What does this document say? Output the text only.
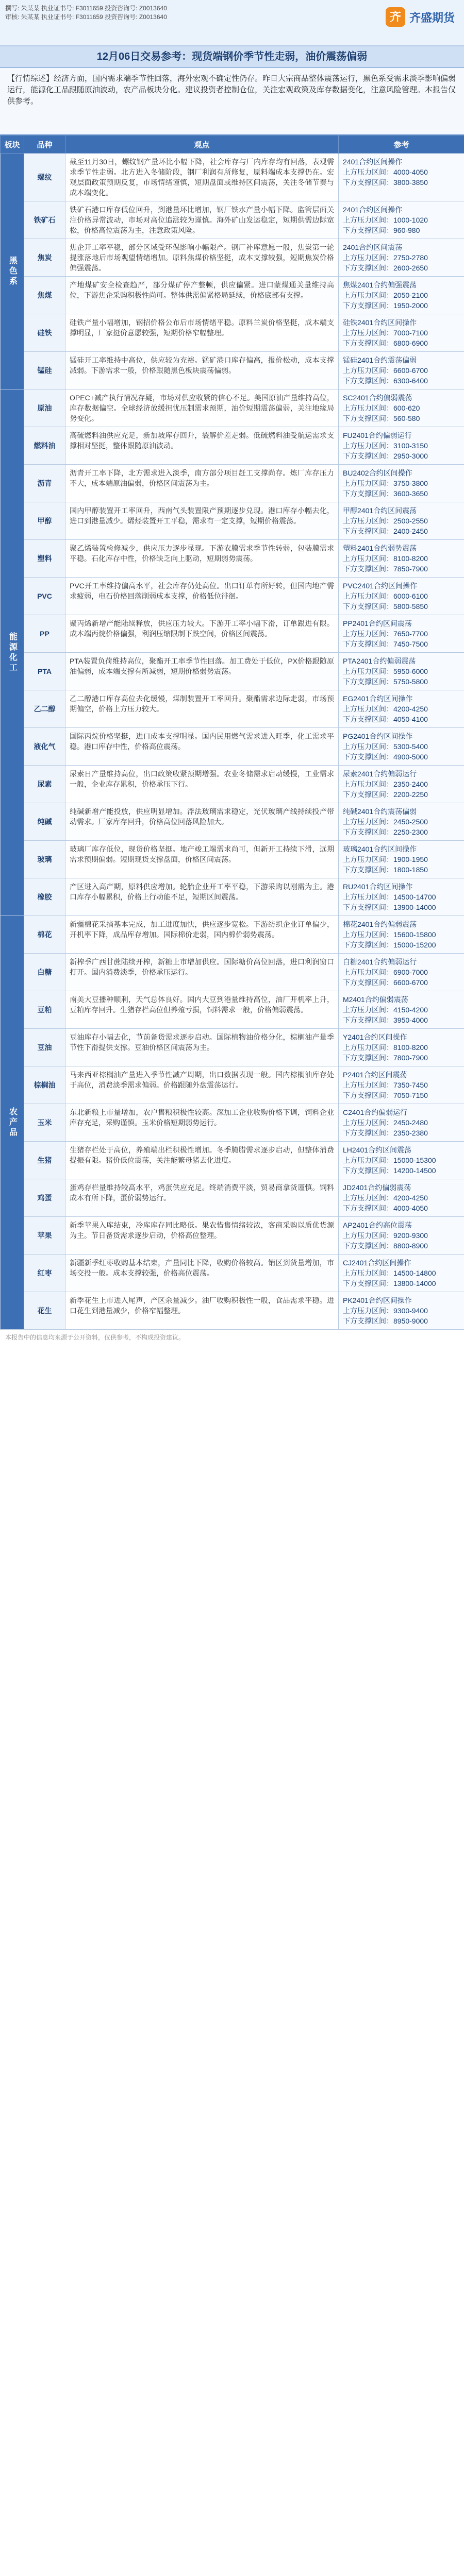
撰写: 朱某某 执业证书号: F3011659 投资咨询号: Z0013640
审核: 朱某某 执业证书号: F3011659 投资咨询号: Z0013640	齐 齐盛期货
12月06日交易参考：现货端钢价季节性走弱，油价震荡偏弱
【行情综述】经济方面，国内需求端季节性回落，海外宏观不确定性仍存。昨日大宗商品整体震荡运行，黑色系受需求淡季影响偏弱运行，能源化工品跟随原油波动，农产品板块分化。建议投资者控制仓位，关注宏观政策及库存数据变化，注意风险管理。本报告仅供参考。
板块	品种	观点	参考
黑色系	螺纹	截至11月30日，螺纹钢产量环比小幅下降，社会库存与厂内库存均有回落，表观需求季节性走弱。北方进入冬储阶段，钢厂利润有所修复，原料端成本支撑仍在。宏观层面政策预期反复，市场情绪谨慎，短期盘面或维持区间震荡，关注冬储节奏与成本端变化。	2401合约区间操作
上方压力区间：4000-4050
下方支撑区间：3800-3850

	铁矿石	铁矿石港口库存低位回升，到港量环比增加，钢厂铁水产量小幅下降。监管层面关注价格异常波动，市场对高位追涨较为谨慎。海外矿山发运稳定，短期供需边际宽松，价格高位震荡为主，注意政策风险。	2401合约区间操作
上方压力区间：1000-1020
下方支撑区间：960-980

	焦炭	焦企开工率平稳，部分区域受环保影响小幅限产。钢厂补库意愿一般，焦炭第一轮提涨落地后市场观望情绪增加。原料焦煤价格坚挺，成本支撑较强，短期焦炭价格偏强震荡。	2401合约区间震荡
上方压力区间：2750-2780
下方支撑区间：2600-2650

	焦煤	产地煤矿安全检查趋严，部分煤矿停产整顿，供应偏紧。进口蒙煤通关量维持高位，下游焦企采购积极性尚可。整体供需偏紧格局延续，价格底部有支撑。	焦煤2401合约偏强震荡
上方压力区间：2050-2100
下方支撑区间：1950-2000

	硅铁	硅铁产量小幅增加，钢招价格公布后市场情绪平稳。原料兰炭价格坚挺，成本端支撑明显，厂家挺价意愿较强，短期价格窄幅整理。	硅铁2401合约区间操作
上方压力区间：7000-7100
下方支撑区间：6800-6900

	锰硅	锰硅开工率维持中高位，供应较为充裕。锰矿港口库存偏高，报价松动，成本支撑减弱。下游需求一般，价格跟随黑色板块震荡偏弱。	锰硅2401合约震荡偏弱
上方压力区间：6600-6700
下方支撑区间：6300-6400

能源化工	原油	OPEC+减产执行情况存疑，市场对供应收紧的信心不足。美国原油产量维持高位，库存数据偏空。全球经济放缓担忧压制需求预期，油价短期震荡偏弱，关注地缘局势变化。	SC2401合约偏弱震荡
上方压力区间：600-620
下方支撑区间：560-580

	燃料油	高硫燃料油供应充足，新加坡库存回升，裂解价差走弱。低硫燃料油受航运需求支撑相对坚挺，整体跟随原油波动。	FU2401合约偏弱运行
上方压力区间：3100-3150
下方支撑区间：2950-3000

	沥青	沥青开工率下降，北方需求进入淡季，南方部分项目赶工支撑尚存。炼厂库存压力不大，成本端原油偏弱，价格区间震荡为主。	BU2402合约区间操作
上方压力区间：3750-3800
下方支撑区间：3600-3650

	甲醇	国内甲醇装置开工率回升，西南气头装置限产预期逐步兑现。港口库存小幅去化，进口到港量减少。烯烃装置开工平稳，需求有一定支撑，短期价格震荡。	甲醇2401合约区间震荡
上方压力区间：2500-2550
下方支撑区间：2400-2450

	塑料	聚乙烯装置检修减少，供应压力逐步显现。下游农膜需求季节性转弱，包装膜需求平稳。石化库存中性，价格缺乏向上驱动，短期弱势震荡。	塑料2401合约弱势震荡
上方压力区间：8100-8200
下方支撑区间：7850-7900

	PVC	PVC开工率维持偏高水平，社会库存仍处高位。出口订单有所好转，但国内地产需求疲弱，电石价格回落削弱成本支撑，价格低位徘徊。	PVC2401合约区间操作
上方压力区间：6000-6100
下方支撑区间：5800-5850

	PP	聚丙烯新增产能陆续释放，供应压力较大。下游开工率小幅下滑，订单跟进有限。成本端丙烷价格偏强，利润压缩限制下跌空间，价格区间震荡。	PP2401合约区间震荡
上方压力区间：7650-7700
下方支撑区间：7450-7500

	PTA	PTA装置负荷维持高位，聚酯开工率季节性回落。加工费处于低位，PX价格跟随原油偏弱，成本端支撑有所减弱，短期价格弱势震荡。	PTA2401合约偏弱震荡
上方压力区间：5950-6000
下方支撑区间：5750-5800

	乙二醇	乙二醇港口库存高位去化缓慢，煤制装置开工率回升。聚酯需求边际走弱，市场预期偏空，价格上方压力较大。	EG2401合约区间操作
上方压力区间：4200-4250
下方支撑区间：4050-4100

	液化气	国际丙烷价格坚挺，进口成本支撑明显。国内民用燃气需求进入旺季，化工需求平稳。港口库存中性，价格高位震荡。	PG2401合约区间操作
上方压力区间：5300-5400
下方支撑区间：4900-5000

	尿素	尿素日产量维持高位，出口政策收紧预期增强。农业冬储需求启动缓慢，工业需求一般，企业库存累积，价格承压下行。	尿素2401合约偏弱运行
上方压力区间：2350-2400
下方支撑区间：2200-2250

	纯碱	纯碱新增产能投放，供应明显增加。浮法玻璃需求稳定，光伏玻璃产线持续投产带动需求。厂家库存回升，价格高位回落风险加大。	纯碱2401合约震荡偏弱
上方压力区间：2450-2500
下方支撑区间：2250-2300

	玻璃	玻璃厂库存低位，现货价格坚挺。地产竣工端需求尚可，但新开工持续下滑，远期需求预期偏弱。短期现货支撑盘面，价格区间震荡。	玻璃2401合约区间操作
上方压力区间：1900-1950
下方支撑区间：1800-1850

	橡胶	产区进入高产期，原料供应增加。轮胎企业开工率平稳，下游采购以刚需为主。港口库存小幅累积，价格上行动能不足，短期区间震荡。	RU2401合约区间操作
上方压力区间：14500-14700
下方支撑区间：13900-14000

农产品	棉花	新疆棉花采摘基本完成，加工进度加快，供应逐步宽松。下游纺织企业订单偏少，开机率下降，成品库存增加。国际棉价走弱，国内棉价弱势震荡。	棉花2401合约偏弱震荡
上方压力区间：15600-15800
下方支撑区间：15000-15200

	白糖	新榨季广西甘蔗陆续开榨，新糖上市增加供应。国际糖价高位回落，进口利润窗口打开。国内消费淡季，价格承压运行。	白糖2401合约偏弱运行
上方压力区间：6900-7000
下方支撑区间：6600-6700

	豆粕	南美大豆播种顺利，天气总体良好。国内大豆到港量维持高位，油厂开机率上升，豆粕库存回升。生猪存栏高位但养殖亏损，饲料需求一般，价格偏弱震荡。	M2401合约偏弱震荡
上方压力区间：4150-4200
下方支撑区间：3950-4000

	豆油	豆油库存小幅去化，节前备货需求逐步启动。国际植物油价格分化，棕榈油产量季节性下滑提供支撑。豆油价格区间震荡为主。	Y2401合约区间操作
上方压力区间：8100-8200
下方支撑区间：7800-7900

	棕榈油	马来西亚棕榈油产量进入季节性减产周期，出口数据表现一般。国内棕榈油库存处于高位，消费淡季需求偏弱。价格跟随外盘震荡运行。	P2401合约区间震荡
上方压力区间：7350-7450
下方支撑区间：7050-7150

	玉米	东北新粮上市量增加，农户售粮积极性较高。深加工企业收购价格下调，饲料企业库存充足，采购谨慎。玉米价格短期弱势运行。	C2401合约偏弱运行
上方压力区间：2450-2480
下方支撑区间：2350-2380

	生猪	生猪存栏处于高位，养殖端出栏积极性增加。冬季腌腊需求逐步启动，但整体消费提振有限。猪价低位震荡，关注能繁母猪去化进度。	LH2401合约区间震荡
上方压力区间：15000-15300
下方支撑区间：14200-14500

	鸡蛋	蛋鸡存栏量维持较高水平，鸡蛋供应充足。终端消费平淡，贸易商拿货谨慎。饲料成本有所下降，蛋价弱势运行。	JD2401合约偏弱震荡
上方压力区间：4200-4250
下方支撑区间：4000-4050

	苹果	新季苹果入库结束，冷库库存同比略低。果农惜售情绪较浓，客商采购以质优货源为主。节日备货需求逐步启动，价格高位整理。	AP2401合约高位震荡
上方压力区间：9200-9300
下方支撑区间：8800-8900

	红枣	新疆新季红枣收购基本结束，产量同比下降，收购价格较高。销区到货量增加，市场交投一般。成本支撑较强，价格高位震荡。	CJ2401合约区间操作
上方压力区间：14500-14800
下方支撑区间：13800-14000

	花生	新季花生上市进入尾声，产区余量减少。油厂收购积极性一般，食品需求平稳。进口花生到港量减少，价格窄幅整理。	PK2401合约区间操作
上方压力区间：9300-9400
下方支撑区间：8950-9000
本报告中的信息均来源于公开资料，仅供参考，不构成投资建议。
